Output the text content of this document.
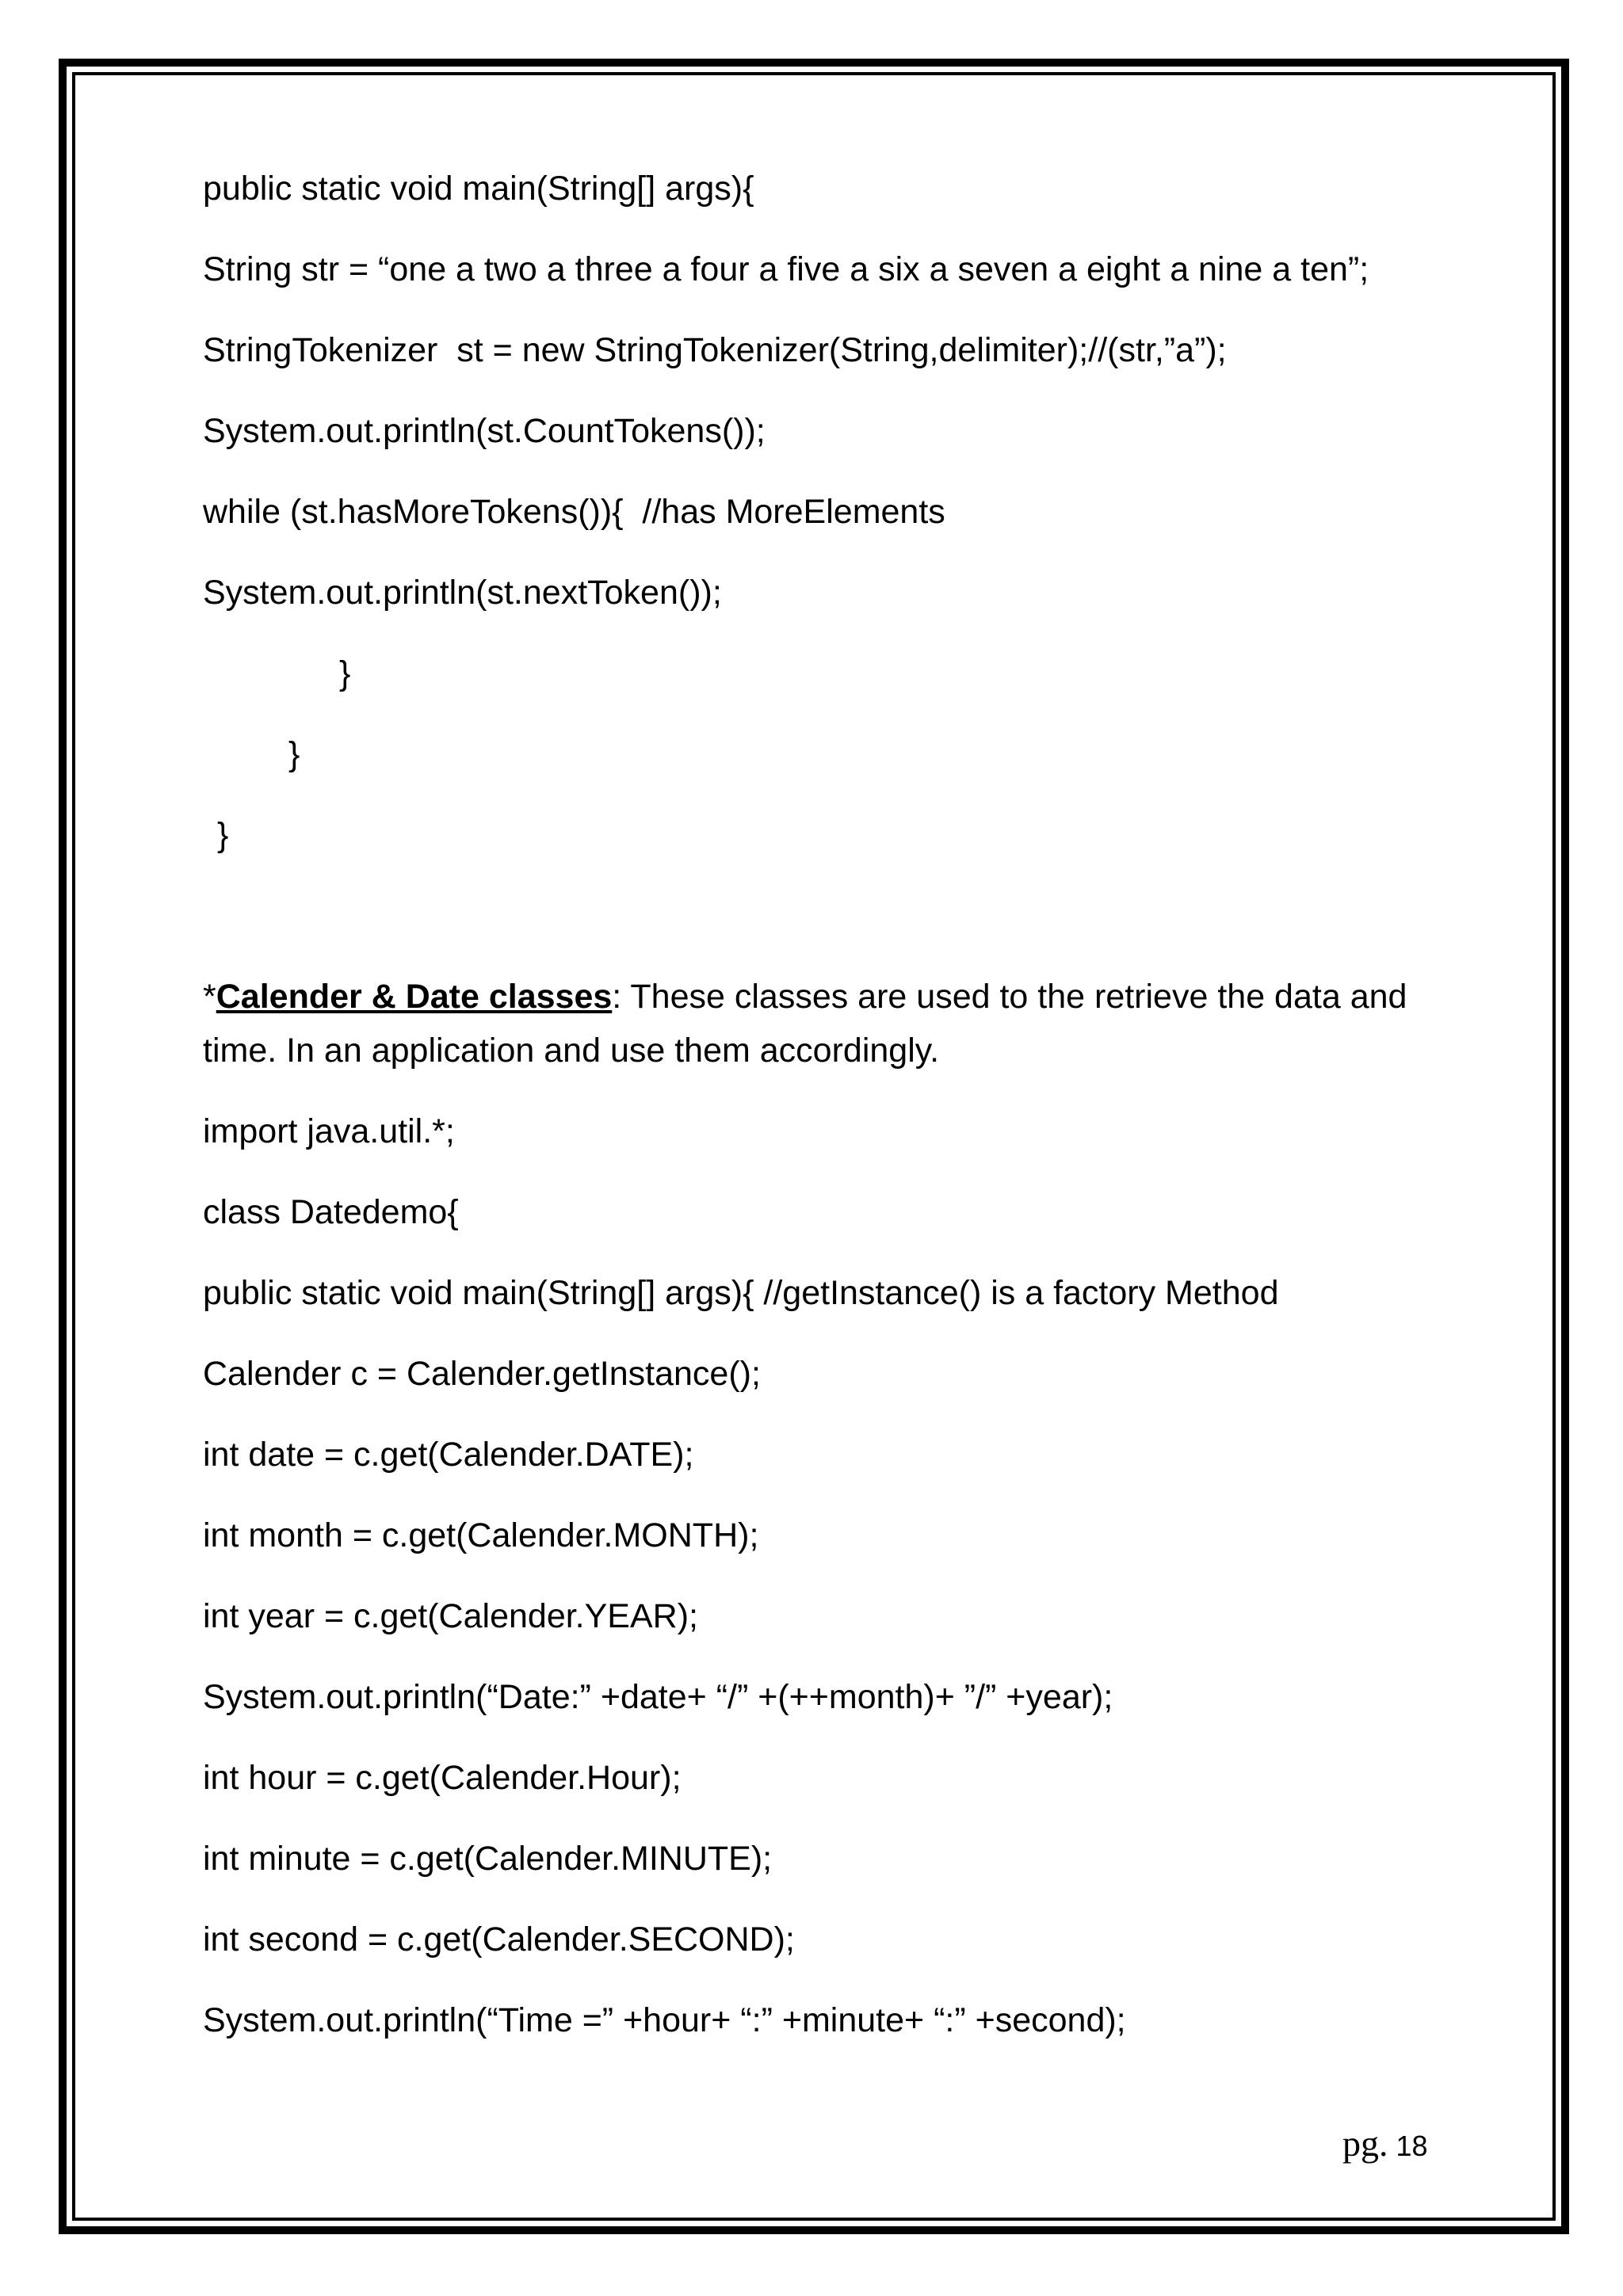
public static void main(String[] args){
String str = “one a two a three a four a five a six a seven a eight a nine a ten”;
StringTokenizer  st = new StringTokenizer(String,delimiter);//(str,”a”);
System.out.println(st.CountTokens());
while (st.hasMoreTokens()){  //has MoreElements
System.out.println(st.nextToken());
}
}
}
*Calender & Date classes: These classes are used to the retrieve the data and
time. In an application and use them accordingly.
import java.util.*;
class Datedemo{
public static void main(String[] args){ //getInstance() is a factory Method
Calender c = Calender.getInstance();
int date = c.get(Calender.DATE);
int month = c.get(Calender.MONTH);
int year = c.get(Calender.YEAR);
System.out.println(“Date:” +date+ “/” +(++month)+ ”/” +year);
int hour = c.get(Calender.Hour);
int minute = c.get(Calender.MINUTE);
int second = c.get(Calender.SECOND);
System.out.println(“Time =” +hour+ “:” +minute+ “:” +second);
pg. 18
